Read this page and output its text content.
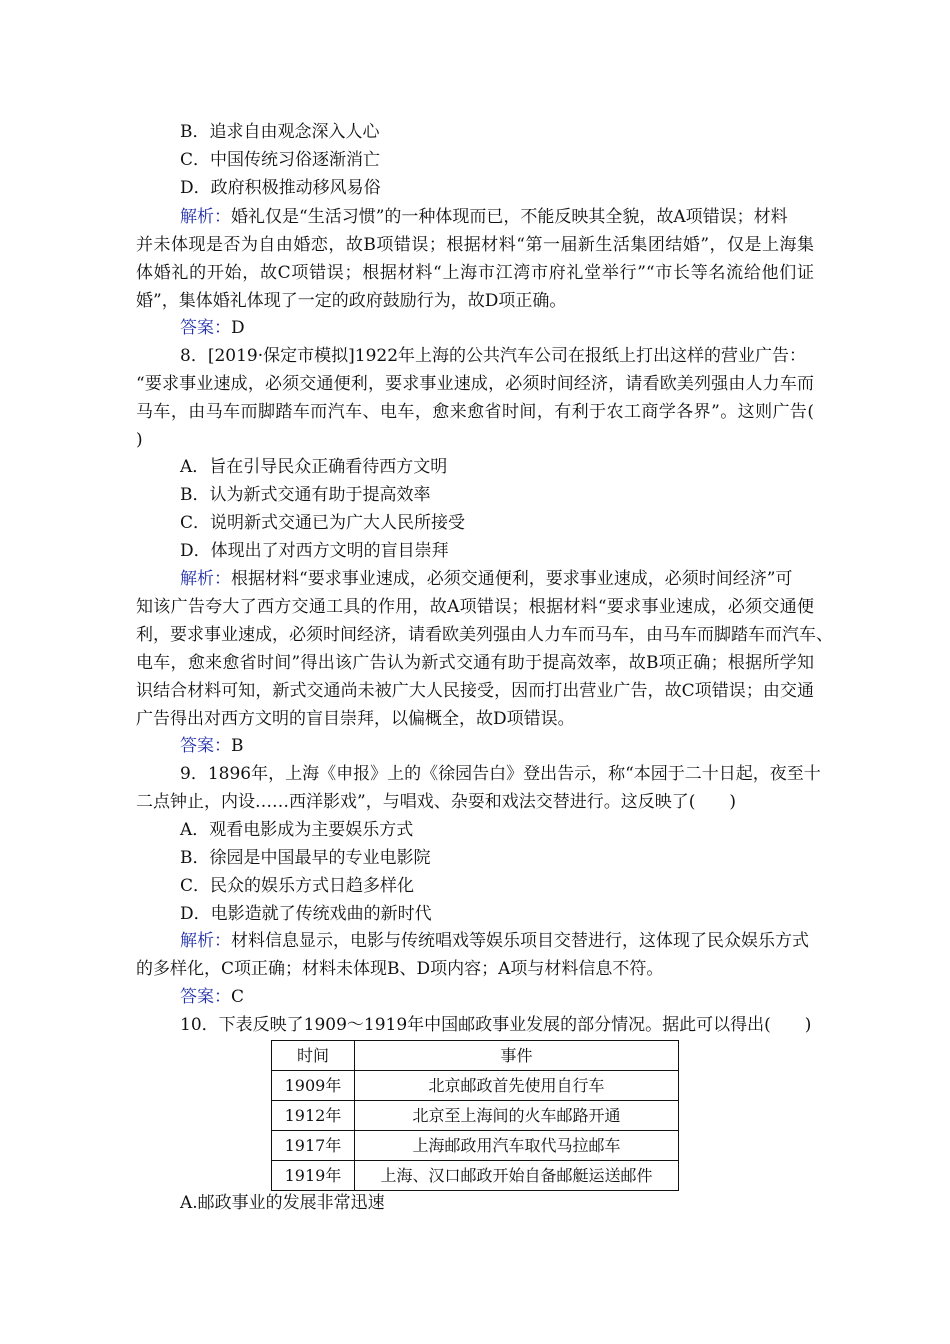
B．追求自由观念深入人心
C．中国传统习俗逐渐消亡
D．政府积极推动移风易俗
解析：婚礼仅是“生活习惯”的一种体现而已，不能反映其全貌，故A项错误；材料
并未体现是否为自由婚恋，故B项错误；根据材料“第一届新生活集团结婚”，仅是上海集
体婚礼的开始，故C项错误；根据材料“上海市江湾市府礼堂举行”“市长等名流给他们证
婚”，集体婚礼体现了一定的政府鼓励行为，故D项正确。
答案：D
8．[2019·保定市模拟]1922年上海的公共汽车公司在报纸上打出这样的营业广告：
“要求事业速成，必须交通便利，要求事业速成，必须时间经济，请看欧美列强由人力车而
马车，由马车而脚踏车而汽车、电车，愈来愈省时间，有利于农工商学各界”。这则广告(
)
A．旨在引导民众正确看待西方文明
B．认为新式交通有助于提高效率
C．说明新式交通已为广大人民所接受
D．体现出了对西方文明的盲目崇拜
解析：根据材料“要求事业速成，必须交通便利，要求事业速成，必须时间经济”可
知该广告夸大了西方交通工具的作用，故A项错误；根据材料“要求事业速成，必须交通便
利，要求事业速成，必须时间经济，请看欧美列强由人力车而马车，由马车而脚踏车而汽车、
电车，愈来愈省时间”得出该广告认为新式交通有助于提高效率，故B项正确；根据所学知
识结合材料可知，新式交通尚未被广大人民接受，因而打出营业广告，故C项错误；由交通
广告得出对西方文明的盲目崇拜，以偏概全，故D项错误。
答案：B
9．1896年，上海《申报》上的《徐园告白》登出告示，称“本园于二十日起，夜至十
二点钟止，内设……西洋影戏”，与唱戏、杂耍和戏法交替进行。这反映了(　　)
A．观看电影成为主要娱乐方式
B．徐园是中国最早的专业电影院
C．民众的娱乐方式日趋多样化
D．电影造就了传统戏曲的新时代
解析：材料信息显示，电影与传统唱戏等娱乐项目交替进行，这体现了民众娱乐方式
的多样化，C项正确；材料未体现B、D项内容；A项与材料信息不符。
答案：C
10．下表反映了1909～1919年中国邮政事业发展的部分情况。据此可以得出(　　)
时间	事件
1909年	北京邮政首先使用自行车
1912年	北京至上海间的火车邮路开通
1917年	上海邮政用汽车取代马拉邮车
1919年	上海、汉口邮政开始自备邮艇运送邮件
A.邮政事业的发展非常迅速
